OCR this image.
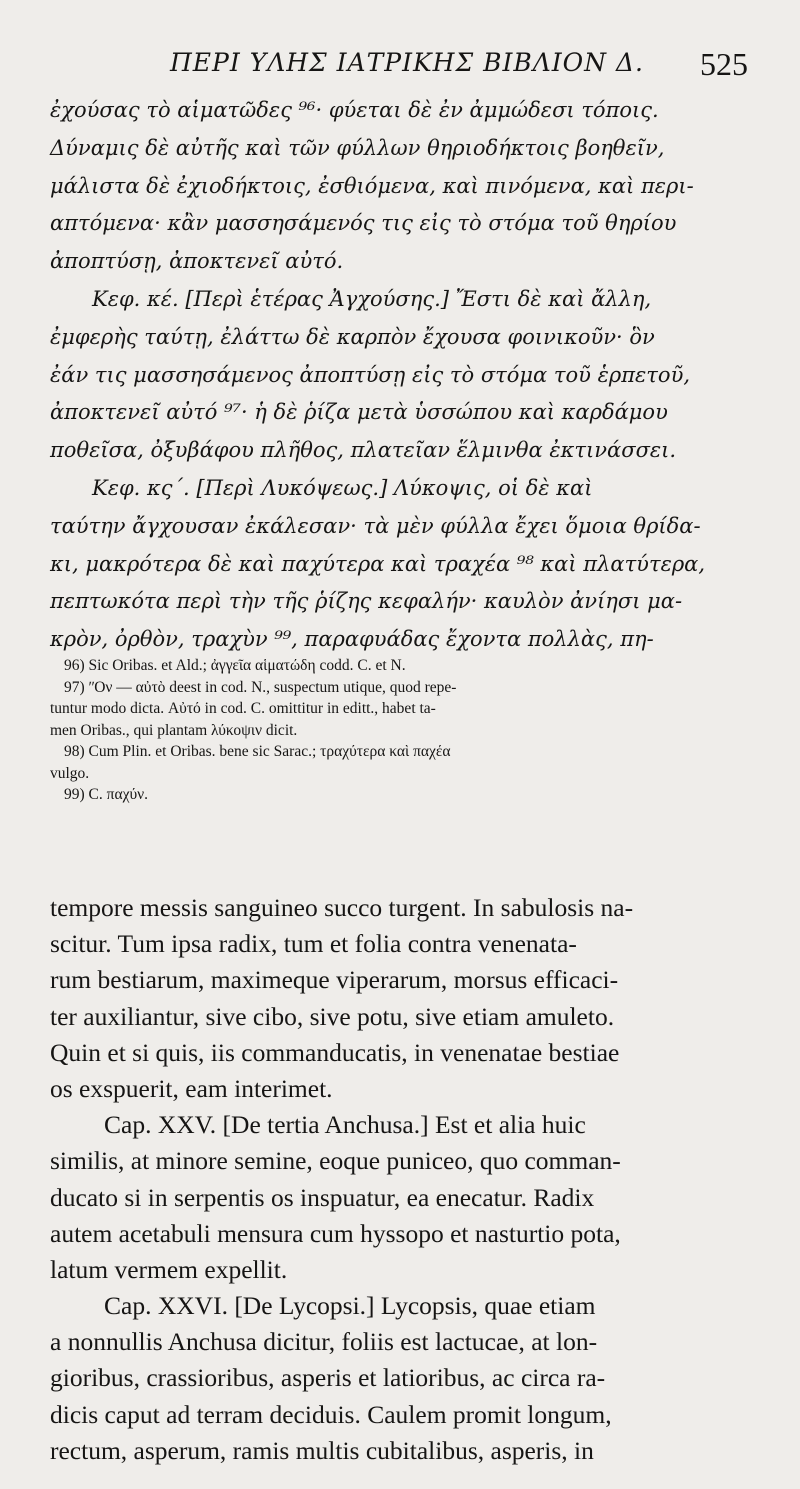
ΠΕΡΙ ΥΛΗΣ ΙΑΤΡΙΚΗΣ ΒΙΒΛΙΟΝ Δ. 525
ἐχούσας τὸ αἱματῶδες ⁹⁶· φύεται δὲ ἐν ἀμμώδεσι τόποις.
Δύναμις δὲ αὐτῆς καὶ τῶν φύλλων θηριοδήκτοις βοηθεῖν,
μάλιστα δὲ ἐχιοδήκτοις, ἐσθιόμενα, καὶ πινόμενα, καὶ περι-
απτόμενα· κἂν μασσησάμενός τις εἰς τὸ στόμα τοῦ θηρίου
ἀποπτύσῃ, ἀποκτενεῖ αὐτό.
Κεφ. κέ. [Περὶ ἑτέρας Ἀγχούσης.] Ἔστι δὲ καὶ ἄλλη,
ἐμφερὴς ταύτῃ, ἐλάττω δὲ καρπὸν ἔχουσα φοινικοῦν· ὃν
ἐάν τις μασσησάμενος ἀποπτύσῃ εἰς τὸ στόμα τοῦ ἑρπετοῦ,
ἀποκτενεῖ αὐτό ⁹⁷· ἡ δὲ ῥίζα μετὰ ὑσσώπου καὶ καρδάμου
ποθεῖσα, ὀξυβάφου πλῆθος, πλατεῖαν ἕλμινθα ἐκτινάσσει.
Κεφ. κς΄. [Περὶ Λυκόψεως.] Λύκοψις, οἱ δὲ καὶ
ταύτην ἄγχουσαν ἐκάλεσαν· τὰ μὲν φύλλα ἔχει ὅμοια θρίδα-
κι, μακρότερα δὲ καὶ παχύτερα καὶ τραχέα ⁹⁸ καὶ πλατύτερα,
πεπτωκότα περὶ τὴν τῆς ῥίζης κεφαλήν· καυλὸν ἀνίησι μα-
κρὸν, ὀρθὸν, τραχὺν ⁹⁹, παραφυάδας ἔχοντα πολλὰς, πη-
96) Sic Oribas. et Ald.; ἀγγεῖα αἱματώδη codd. C. et N.
97) ʺOν — αὐτὸ deest in cod. N., suspectum utique, quod repe-
tuntur modo dicta. Αὐτό in cod. C. omittitur in editt., habet ta-
men Oribas., qui plantam λύκοψιν dicit.
98) Cum Plin. et Oribas. bene sic Sarac.; τραχύτερα καὶ παχέα
vulgo.
99) C. παχύν.
tempore messis sanguineo succo turgent. In sabulosis na-
scitur. Tum ipsa radix, tum et folia contra venenata-
rum bestiarum, maximeque viperarum, morsus efficaci-
ter auxiliantur, sive cibo, sive potu, sive etiam amuleto.
Quin et si quis, iis commanducatis, in venenatae bestiae
os exspuerit, eam interimet.
Cap. XXV. [De tertia Anchusa.] Est et alia huic
similis, at minore semine, eoque puniceo, quo comman-
ducato si in serpentis os inspuatur, ea enecatur. Radix
autem acetabuli mensura cum hyssopo et nasturtio pota,
latum vermem expellit.
Cap. XXVI. [De Lycopsi.] Lycopsis, quae etiam
a nonnullis Anchusa dicitur, foliis est lactucae, at lon-
gioribus, crassioribus, asperis et latioribus, ac circa ra-
dicis caput ad terram deciduis. Caulem promit longum,
rectum, asperum, ramis multis cubitalibus, asperis, in
